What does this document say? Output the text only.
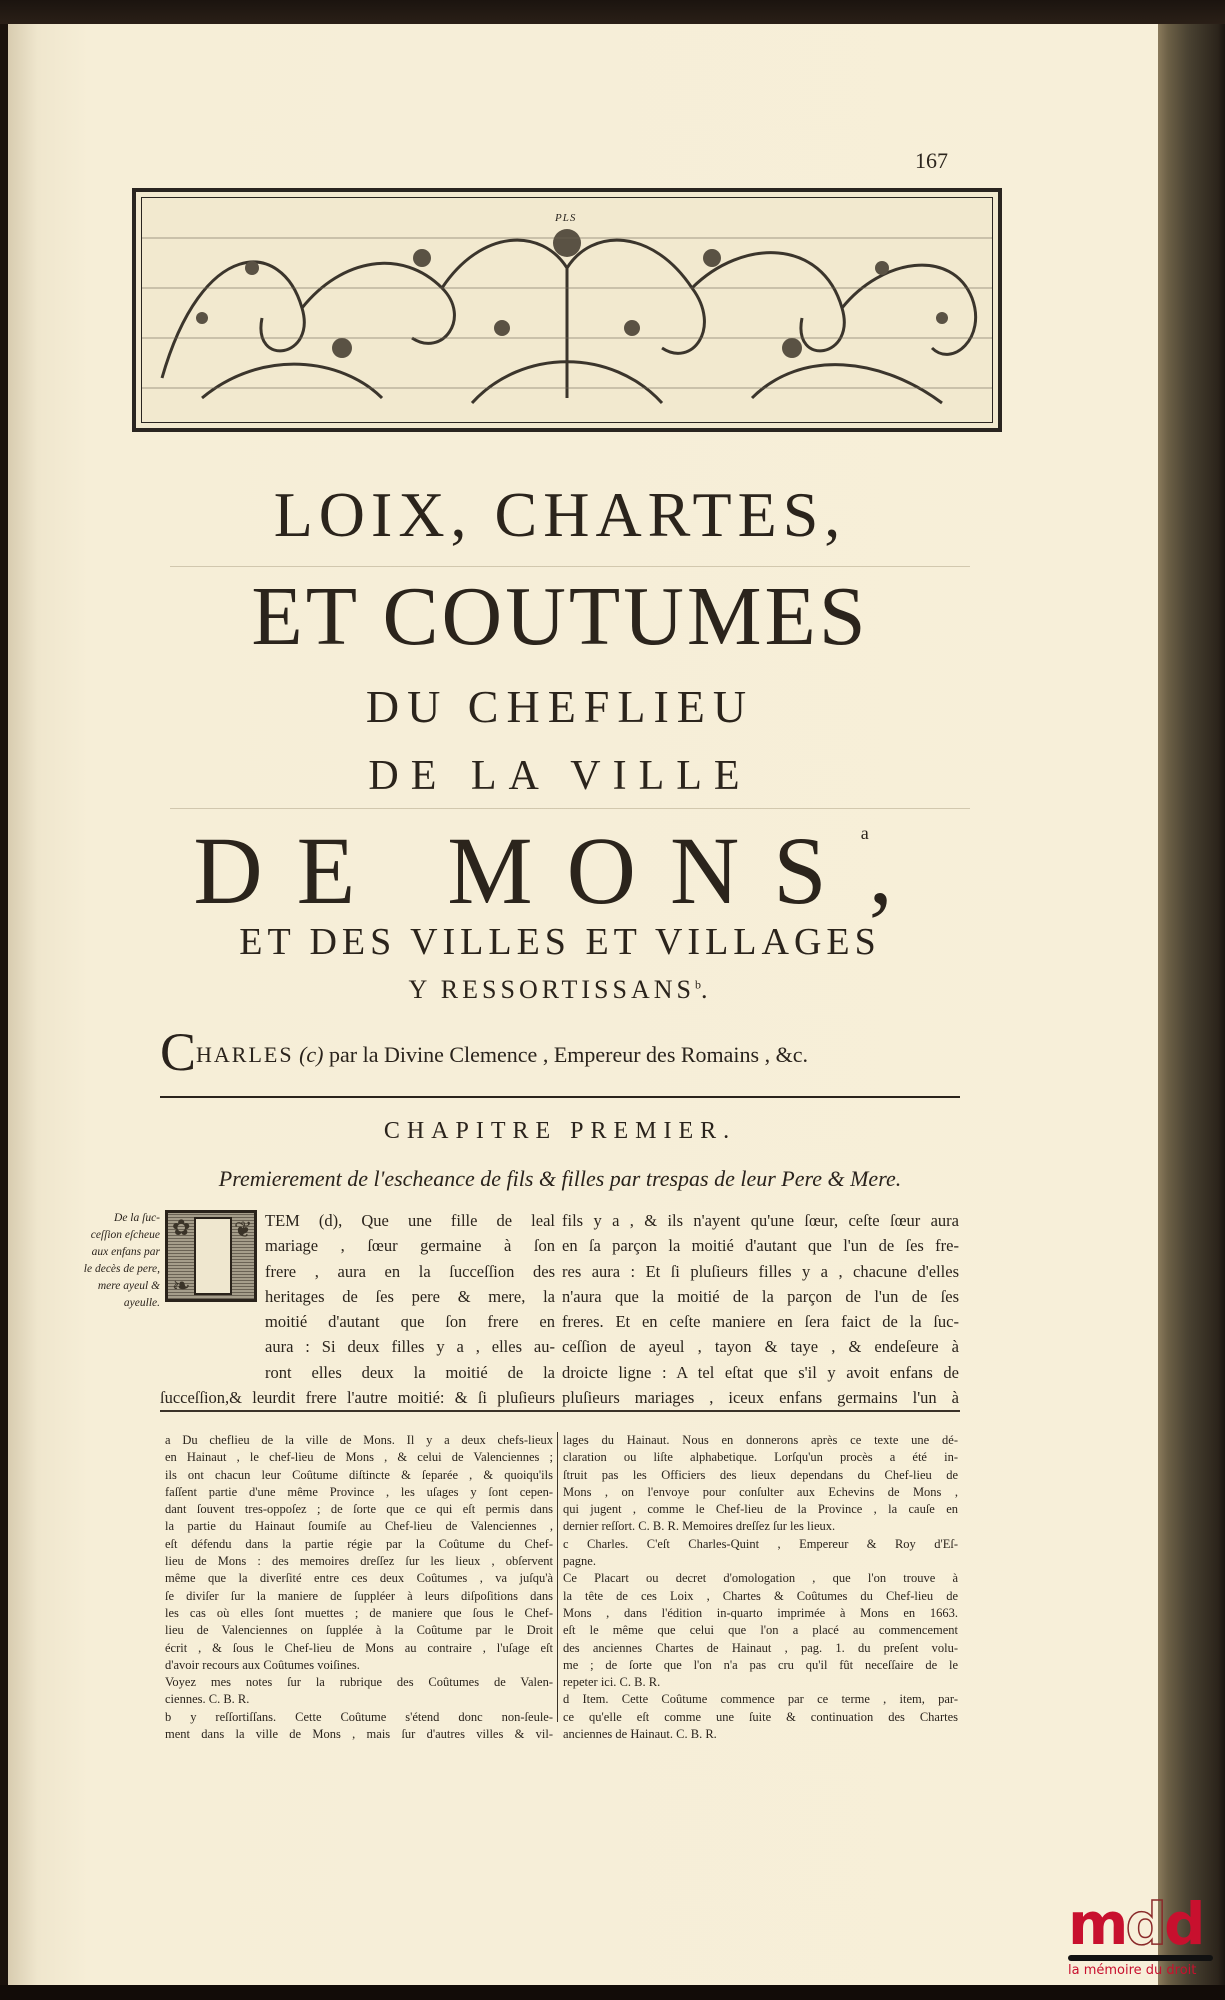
167
PLS
LOIX, CHARTES,
ET COUTUMES
DU CHEFLIEU
DE LA VILLE
DE MONS$^a$,
ET DES VILLES ET VILLAGES
Y RESSORTISSANS$^b$.
CHARLES (c) par la Divine Clemence , Empereur des Romains , &c.
CHAPITRE PREMIER.
Premierement de l'escheance de fils & filles par trespas de leur Pere & Mere.
De la ſuc-
ceſſion eſcheue
aux enfans par
le decès de pere,
mere ayeul &
ayeulle.
✿ ❦
❧
TEM (d), Que une fille de leal
mariage , ſœur germaine à ſon
frere , aura en la ſucceſſion des
heritages de ſes pere & mere, la
moitié d'autant que ſon frere en
aura : Si deux filles y a , elles au-
ront elles deux la moitié de la
ſucceſſion,& leurdit frere l'autre moitié: & ſi pluſieurs
fils y a , & ils n'ayent qu'une ſœur, ceſte ſœur aura
en ſa parçon la moitié d'autant que l'un de ſes fre-
res aura : Et ſi pluſieurs filles y a , chacune d'elles
n'aura que la moitié de la parçon de l'un de ſes
freres. Et en ceſte maniere en ſera faict de la ſuc-
ceſſion de ayeul , tayon & taye , & endeſeure à
droicte ligne : A tel eſtat que s'il y avoit enfans de
pluſieurs mariages , iceux enfans germains l'un à
a Du cheflieu de la ville de Mons. Il y a deux chefs-lieux
en Hainaut , le chef-lieu de Mons , & celui de Valenciennes ;
ils ont chacun leur Coûtume diſtincte & ſeparée , & quoiqu'ils
faſſent partie d'une même Province , les uſages y ſont cepen-
dant ſouvent tres-oppoſez ; de ſorte que ce qui eſt permis dans
la partie du Hainaut ſoumiſe au Chef-lieu de Valenciennes ,
eſt défendu dans la partie régie par la Coûtume du Chef-
lieu de Mons : des memoires dreſſez ſur les lieux , obſervent
même que la diverſité entre ces deux Coûtumes , va juſqu'à
ſe diviſer ſur la maniere de ſuppléer à leurs diſpoſitions dans
les cas où elles ſont muettes ; de maniere que ſous le Chef-
lieu de Valenciennes on ſupplée à la Coûtume par le Droit
écrit , & ſous le Chef-lieu de Mons au contraire , l'uſage eſt
d'avoir recours aux Coûtumes voiſines.
Voyez mes notes ſur la rubrique des Coûtumes de Valen-
ciennes. C. B. R.
b y reſſortiſſans. Cette Coûtume s'étend donc non-ſeule-
ment dans la ville de Mons , mais ſur d'autres villes & vil-
lages du Hainaut. Nous en donnerons après ce texte une dé-
claration ou liſte alphabetique. Lorſqu'un procès a été in-
ſtruit pas les Officiers des lieux dependans du Chef-lieu de
Mons , on l'envoye pour conſulter aux Echevins de Mons ,
qui jugent , comme le Chef-lieu de la Province , la cauſe en
dernier reſſort. C. B. R. Memoires dreſſez ſur les lieux.
c Charles. C'eſt Charles-Quint , Empereur & Roy d'Eſ-
pagne.
Ce Placart ou decret d'omologation , que l'on trouve à
la tête de ces Loix , Chartes & Coûtumes du Chef-lieu de
Mons , dans l'édition in-quarto imprimée à Mons en 1663.
eſt le même que celui que l'on a placé au commencement
des anciennes Chartes de Hainaut , pag. 1. du preſent volu-
me ; de ſorte que l'on n'a pas cru qu'il fût neceſſaire de le
repeter ici. C. B. R.
d Item. Cette Coûtume commence par ce terme , item, par-
ce qu'elle eſt comme une ſuite & continuation des Chartes
anciennes de Hainaut. C. B. R.
mdd
la mémoire du droit
